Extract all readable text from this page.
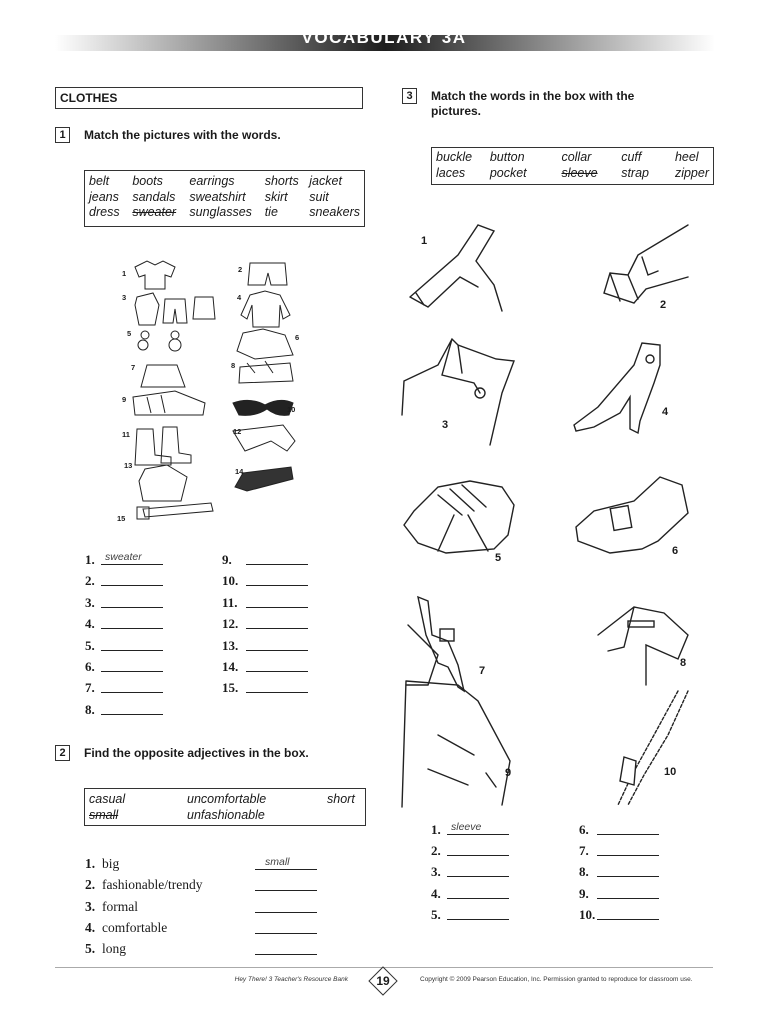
VOCABULARY 3A
CLOTHES
1	Match the pictures with the words.
belt	boots	earrings	shorts	jacket
jeans	sandals	sweatshirt	skirt	suit
dress	sweater	sunglasses	tie	sneakers
1	2
3	4
5	6
7	8
9
10
11	12
13
14
15
1. sweater
2.
3.
4.
5.
6.
7.
8.
9.
10.
11.
12.
13.
14.
15.
2	Find the opposite adjectives in the box.
casual	uncomfortable	short
small	unfashionable	
1. big	small
2. fashionable/trendy
3. formal
4. comfortable
5. long
3	Match the words in the box with the
pictures.
buckle	button	collar	cuff	heel
laces	pocket	sleeve	strap	zipper
1
2
3
4
5
6
7
8
9	10
1. sleeve
2.
3.
4.
5.
6.
7.
8.
9.
10.
Hey There! 3 Teacher's Resource Bank	19	Copyright © 2009 Pearson Education, Inc. Permission granted to reproduce for classroom use.
